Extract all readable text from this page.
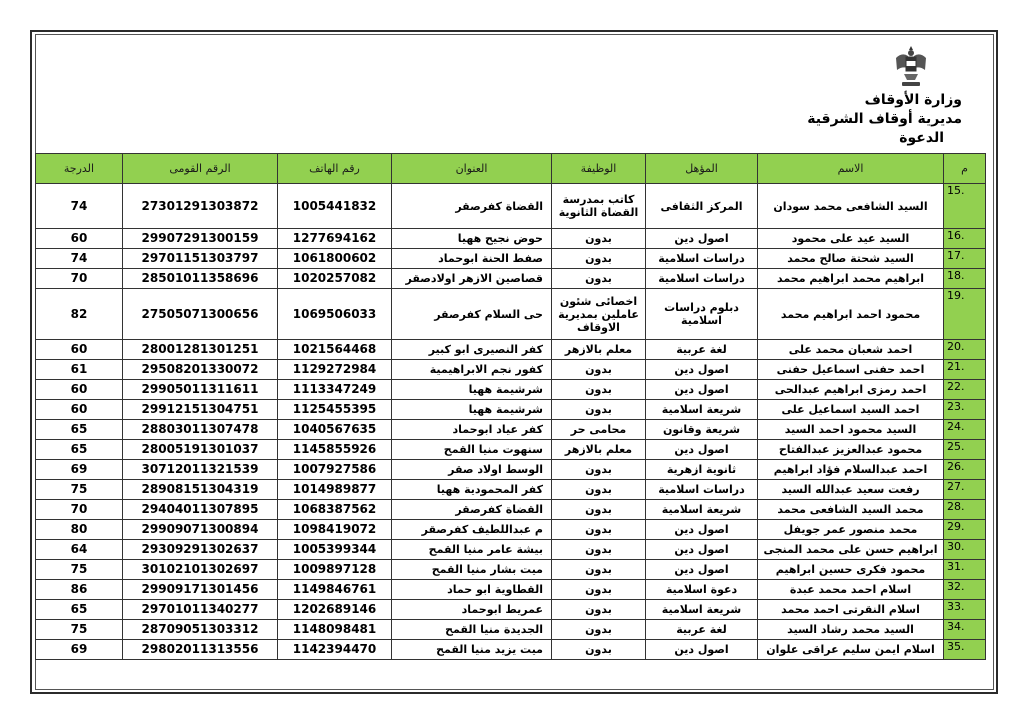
وزارة الأوقاف
مديرية أوقاف الشرقية
الدعوة
م	الاسم	المؤهل	الوظيفة	العنوان	رقم الهاتف	الرقم القومى	الدرجة
15.	السيد الشافعى محمد سودان	المركز الثقافى	كاتب بمدرسة القضاة الثانوية	القضاة كفرصقر	1005441832	27301291303872	74
16.	السيد عيد على محمود	اصول دين	بدون	حوض نجيح ههيا	1277694162	29907291300159	60
17.	السيد شحتة صالح محمد	دراسات اسلامية	بدون	صفط الحنة ابوحماد	1061800602	29701151303797	74
18.	ابراهيم محمد ابراهيم محمد	دراسات اسلامية	بدون	قصاصين الازهر اولادصقر	1020257082	28501011358696	70
19.	محمود احمد ابراهيم محمد	دبلوم دراسات اسلامية	اخصائى شئون عاملين بمديرية الاوقاف	حى السلام كفرصقر	1069506033	27505071300656	82
20.	احمد شعبان محمد على	لغة عربية	معلم بالازهر	كفر النصيرى ابو كبير	1021564468	28001281301251	60
21.	احمد حفنى اسماعيل حفنى	اصول دين	بدون	كفور نجم الابراهيمية	1129272984	29508201330072	61
22.	احمد رمزى ابراهيم عبدالحى	اصول دين	بدون	شرشيمة ههيا	1113347249	29905011311611	60
23.	احمد السيد اسماعيل على	شريعة اسلامية	بدون	شرشيمة ههيا	1125455395	29912151304751	60
24.	السيد محمود احمد السيد	شريعة وقانون	محامى حر	كفر عياد ابوحماد	1040567635	28803011307478	65
25.	محمود عبدالعزيز عبدالفتاح	اصول دين	معلم بالازهر	سنهوت منيا القمح	1145855926	28005191301037	65
26.	احمد عبدالسلام فؤاد ابراهيم	ثانوية ازهرية	بدون	الوسط اولاد صقر	1007927586	30712011321539	69
27.	رفعت سعيد عبدالله السيد	دراسات اسلامية	بدون	كفر المحمودية ههيا	1014989877	28908151304319	75
28.	محمد السيد الشافعى محمد	شريعة اسلامية	بدون	القضاة كفرصقر	1068387562	29404011307895	70
29.	محمد منصور عمر جويفل	اصول دين	بدون	م عبداللطيف كفرصقر	1098419072	29909071300894	80
30.	ابراهيم حسن على محمد المنجى	اصول دين	بدون	بيشة عامر منيا القمح	1005399344	29309291302637	64
31.	محمود فكرى حسين ابراهيم	اصول دين	بدون	ميت بشار منيا القمح	1009897128	30102101302697	75
32.	اسلام احمد محمد عبدة	دعوة اسلامية	بدون	القطاوية ابو حماد	1149846761	29909171301456	86
33.	اسلام النقرتى احمد محمد	شريعة اسلامية	بدون	عمريط ابوحماد	1202689146	29701011340277	65
34.	السيد محمد رشاد السيد	لغة عربية	بدون	الجديدة منيا القمح	1148098481	28709051303312	75
35.	اسلام ايمن سليم عراقى علوان	اصول دين	بدون	ميت يزيد منيا القمح	1142394470	29802011313556	69
